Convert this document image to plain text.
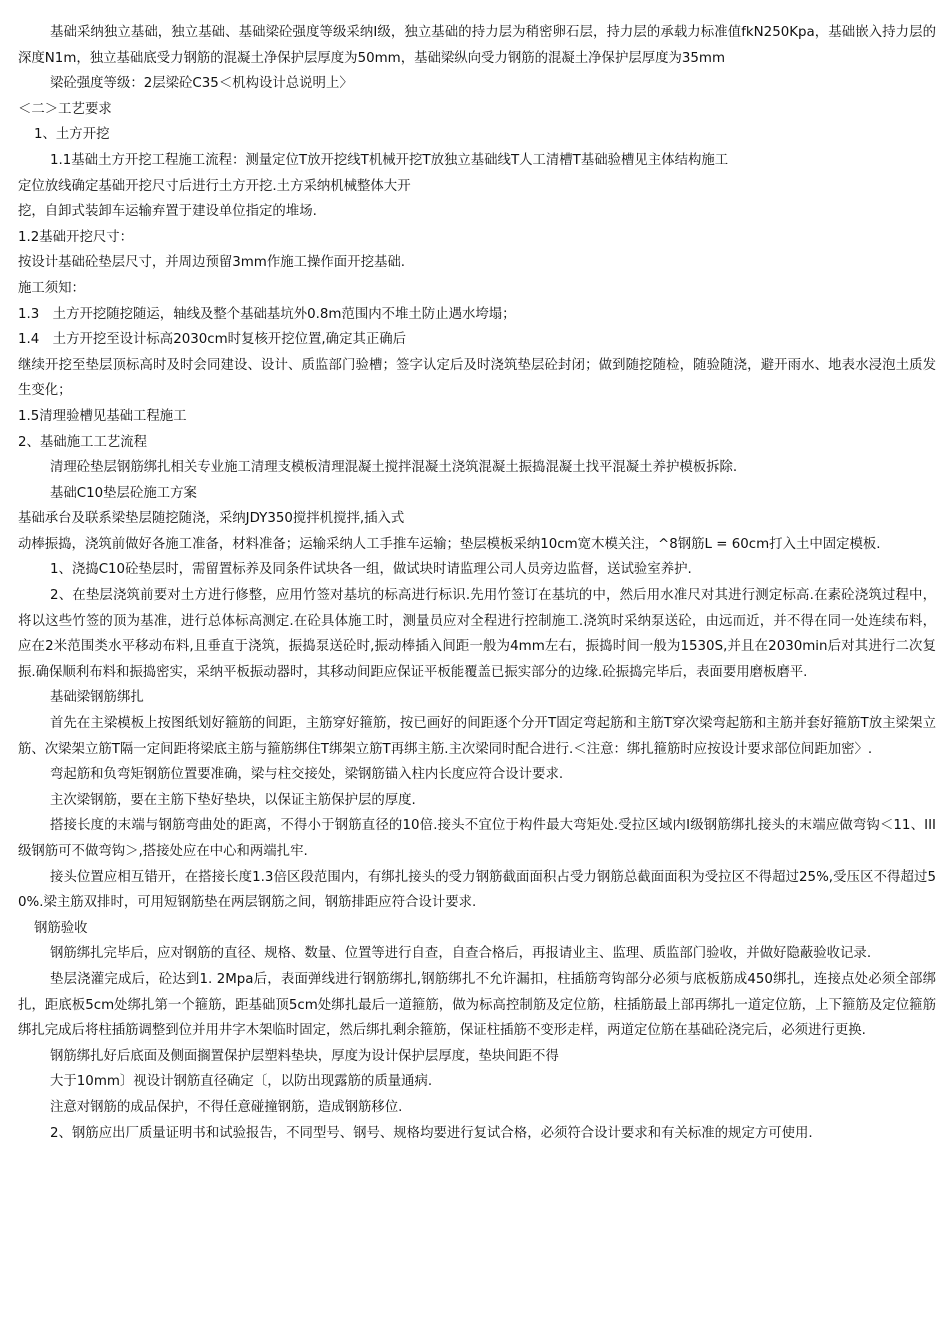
基础采纳独立基础，独立基础、基础梁砼强度等级采纳Ⅰ级，独立基础的持力层为稍密卵石层，持力层的承载力标准值fkN250Kpa，基础嵌入持力层的深度N1m，独立基础底受力钢筋的混凝土净保护层厚度为50mm，基础梁纵向受力钢筋的混凝土净保护层厚度为35mm

梁砼强度等级：2层梁砼C35＜机构设计总说明上〉

＜二＞工艺要求

1、土方开挖

1.1基础土方开挖工程施工流程：测量定位T放开挖线T机械开挖T放独立基础线T人工清槽T基础验槽见主体结构施工

定位放线确定基础开挖尺寸后进行土方开挖.土方采纳机械整体大开

挖，自卸式装卸车运输弃置于建设单位指定的堆场.

1.2基础开挖尺寸：

按设计基础砼垫层尺寸，并周边预留3mm作施工操作面开挖基础.

施工须知：

1.3　土方开挖随挖随运，轴线及整个基础基坑外0.8m范围内不堆土防止遇水垮塌；

1.4　土方开挖至设计标高2030cm时复核开挖位置,确定其正确后

继续开挖至垫层顶标高时及时会同建设、设计、质监部门验槽；签字认定后及时浇筑垫层砼封闭；做到随挖随检，随验随浇，避开雨水、地表水浸泡土质发生变化；

1.5清理验槽见基础工程施工

2、基础施工工艺流程

清理砼垫层钢筋绑扎相关专业施工清理支模板清理混凝土搅拌混凝土浇筑混凝土振捣混凝土找平混凝土养护模板拆除.

基础C10垫层砼施工方案

基础承台及联系梁垫层随挖随浇，采纳JDY350搅拌机搅拌,插入式

动棒振捣，浇筑前做好各施工准备，材料准备；运输采纳人工手推车运输；垫层模板采纳10cm宽木模关注，^8钢筋L = 60cm打入土中固定模板.

1、浇捣C10砼垫层时，需留置标养及同条件试块各一组，做试块时请监理公司人员旁边监督，送试验室养护.

2、在垫层浇筑前要对土方进行修整，应用竹签对基坑的标高进行标识.先用竹签订在基坑的中，然后用水准尺对其进行测定标高.在素砼浇筑过程中，将以这些竹签的顶为基准，进行总体标高测定.在砼具体施工时，测量员应对全程进行控制施工.浇筑时采纳泵送砼，由远而近，并不得在同一处连续布料，应在2米范围类水平移动布料,且垂直于浇筑，振捣泵送砼时,振动棒插入间距一般为4mm左右，振捣时间一般为1530S,并且在2030min后对其进行二次复振.确保顺利布料和振捣密实，采纳平板振动器时，其移动间距应保证平板能覆盖已振实部分的边缘.砼振捣完毕后，表面要用磨板磨平.

基础梁钢筋绑扎

首先在主梁模板上按图纸划好箍筋的间距，主筋穿好箍筋，按已画好的间距逐个分开T固定弯起筋和主筋T穿次梁弯起筋和主筋并套好箍筋T放主梁架立筋、次梁架立筋T隔一定间距将梁底主筋与箍筋绑住T绑架立筋T再绑主筋.主次梁同时配合进行.＜注意：绑扎箍筋时应按设计要求部位间距加密〉.

弯起筋和负弯矩钢筋位置要准确，梁与柱交接处，梁钢筋锚入柱内长度应符合设计要求.

主次梁钢筋，要在主筋下垫好垫块，以保证主筋保护层的厚度.

搭接长度的末端与钢筋弯曲处的距离，不得小于钢筋直径的10倍.接头不宜位于构件最大弯矩处.受拉区域内Ⅰ级钢筋绑扎接头的末端应做弯钩＜11、III级钢筋可不做弯钩＞,搭接处应在中心和两端扎牢.

接头位置应相互错开，在搭接长度1.3倍区段范围内，有绑扎接头的受力钢筋截面面积占受力钢筋总截面面积为受拉区不得超过25%,受压区不得超过50%.梁主筋双排时，可用短钢筋垫在两层钢筋之间，钢筋排距应符合设计要求.

钢筋验收

钢筋绑扎完毕后，应对钢筋的直径、规格、数量、位置等进行自查，自查合格后，再报请业主、监理、质监部门验收，并做好隐蔽验收记录.

垫层浇灌完成后，砼达到1. 2Mpa后，表面弹线进行钢筋绑扎,钢筋绑扎不允许漏扣，柱插筋弯钩部分必须与底板筋成450绑扎，连接点处必须全部绑扎，距底板5cm处绑扎第一个箍筋，距基础顶5cm处绑扎最后一道箍筋，做为标高控制筋及定位筋，柱插筋最上部再绑扎一道定位筋，上下箍筋及定位箍筋绑扎完成后将柱插筋调整到位并用井字木架临时固定，然后绑扎剩余箍筋，保证柱插筋不变形走样，两道定位筋在基础砼浇完后，必须进行更换.

钢筋绑扎好后底面及侧面搁置保护层塑料垫块，厚度为设计保护层厚度，垫块间距不得

大于10mm〕视设计钢筋直径确定〔，以防出现露筋的质量通病.

注意对钢筋的成品保护，不得任意碰撞钢筋，造成钢筋移位.

2、钢筋应出厂质量证明书和试验报告，不同型号、钢号、规格均要进行复试合格，必须符合设计要求和有关标准的规定方可使用.
